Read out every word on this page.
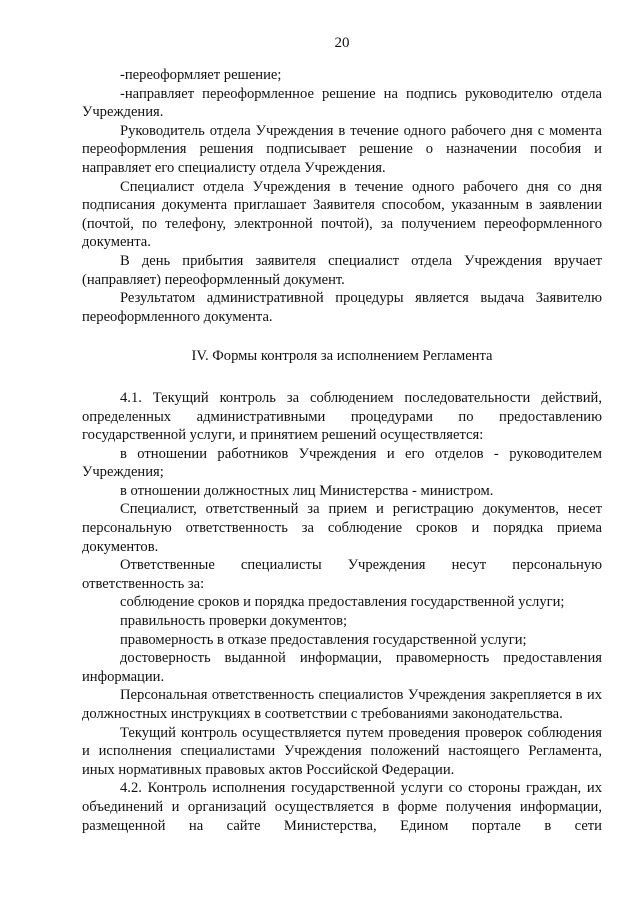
20

-переоформляет решение;

-направляет переоформленное решение на подпись руководителю отдела Учреждения.

Руководитель отдела Учреждения в течение одного рабочего дня с момента переоформления решения подписывает решение о назначении пособия и направляет его специалисту отдела Учреждения.

Специалист отдела Учреждения в течение одного рабочего дня со дня подписания документа приглашает Заявителя способом, указанным в заявлении (почтой, по телефону, электронной почтой), за получением переоформленного документа.

В день прибытия заявителя специалист отдела Учреждения вручает (направляет) переоформленный документ.

Результатом административной процедуры является выдача Заявителю переоформленного документа.

IV. Формы контроля за исполнением Регламента

4.1. Текущий контроль за соблюдением последовательности действий, определенных административными процедурами по предоставлению государственной услуги, и принятием решений осуществляется:

в отношении работников Учреждения и его отделов - руководителем Учреждения;

в отношении должностных лиц Министерства - министром.

Специалист, ответственный за прием и регистрацию документов, несет персональную ответственность за соблюдение сроков и порядка приема документов.

Ответственные специалисты Учреждения несут персональную ответственность за:

соблюдение сроков и порядка предоставления государственной услуги;

правильность проверки документов;

правомерность в отказе предоставления государственной услуги;

достоверность выданной информации, правомерность предоставления информации.

Персональная ответственность специалистов Учреждения закрепляется в их должностных инструкциях в соответствии с требованиями законодательства.

Текущий контроль осуществляется путем проведения проверок соблюдения и исполнения специалистами Учреждения положений настоящего Регламента, иных нормативных правовых актов Российской Федерации.

4.2. Контроль исполнения государственной услуги со стороны граждан, их объединений и организаций осуществляется в форме получения информации, размещенной на сайте Министерства, Едином портале в сети
